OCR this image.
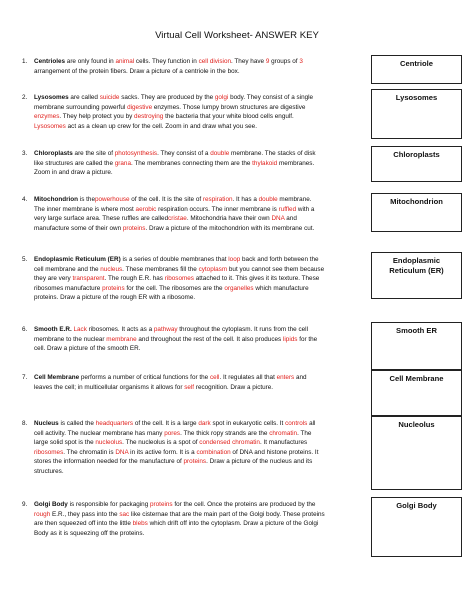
Virtual Cell Worksheet- ANSWER KEY
1. Centrioles are only found in animal cells. They function in cell division. They have 9 groups of 3
arrangement of the protein fibers. Draw a picture of a centriole in the box.
Centriole
2. Lysosomes are called suicide sacks. They are produced by the golgi body. They consist of a single
membrane surrounding powerful digestive enzymes. Those lumpy brown structures are digestive
enzymes. They help protect you by destroying the bacteria that your white blood cells engulf.
Lysosomes act as a clean up crew for the cell. Zoom in and draw what you see.
Lysosomes
3. Chloroplasts are the site of photosynthesis. They consist of a double membrane. The stacks of disk
like structures are called the grana. The membranes connecting them are the thylakoid membranes.
Zoom in and draw a picture.
Chloroplasts
4. Mitochondrion is thepowerhouse of the cell. It is the site of respiration. It has a double membrane.
The inner membrane is where most aerobic respiration occurs. The inner membrane is ruffled with a
very large surface area. These ruffles are calledcristae. Mitochondria have their own DNA and
manufacture some of their own proteins. Draw a picture of the mitochondrion with its membrane cut.
Mitochondrion
5. Endoplasmic Reticulum (ER) is a series of double membranes that loop back and forth between the
cell membrane and the nucleus. These membranes fill the cytoplasm but you cannot see them because
they are very transparent. The rough E.R. has ribosomes attached to it. This gives it its texture. These
ribosomes manufacture proteins for the cell. The ribosomes are the organelles which manufacture
proteins. Draw a picture of the rough ER with a ribosome.
Endoplasmic
Reticulum (ER)
6. Smooth E.R. Lack ribosomes. It acts as a pathway throughout the cytoplasm. It runs from the cell
membrane to the nuclear membrane and throughout the rest of the cell. It also produces lipids for the
cell. Draw a picture of the smooth ER.
Smooth ER
7. Cell Membrane performs a number of critical functions for the cell. It regulates all that enters and
leaves the cell; in multicellular organisms it allows for self recognition. Draw a picture.
Cell Membrane
8. Nucleus is called the headquarters of the cell. It is a large dark spot in eukaryotic cells. It controls all
cell activity. The nuclear membrane has many pores. The thick ropy strands are the chromatin. The
large solid spot is the nucleolus. The nucleolus is a spot of condensed chromatin. It manufactures
ribosomes. The chromatin is DNA in its active form. It is a combination of DNA and histone proteins. It
stores the information needed for the manufacture of proteins. Draw a picture of the nucleus and its
structures.
Nucleolus
9. Golgi Body is responsible for packaging proteins for the cell. Once the proteins are produced by the
rough E.R., they pass into the sac like cisternae that are the main part of the Golgi body. These proteins
are then squeezed off into the little blebs which drift off into the cytoplasm. Draw a picture of the Golgi
Body as it is squeezing off the proteins.
Golgi Body
